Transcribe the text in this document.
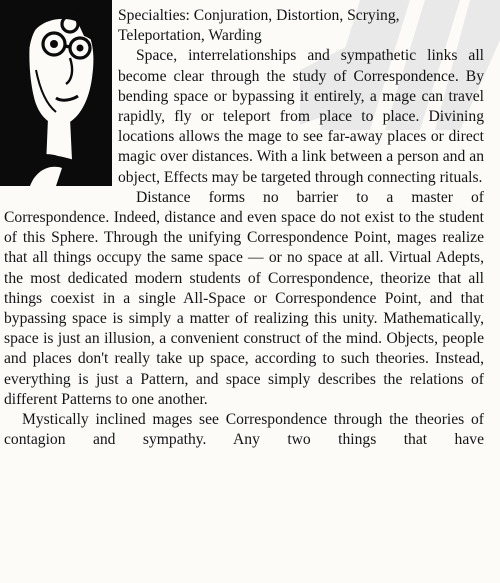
Specialties: Conjuration, Distortion, Scrying, Teleportation, Warding

Space, interrelationships and sympathetic links all become clear through the study of Correspondence. By bending space or bypassing it entirely, a mage can travel rapidly, fly or teleport from place to place. Divining locations allows the mage to see far-away places or direct magic over distances. With a link between a person and an object, Effects may be targeted through connecting rituals.

Distance forms no barrier to a master of Correspondence. Indeed, distance and even space do not exist to the student of this Sphere. Through the unifying Correspondence Point, mages realize that all things occupy the same space — or no space at all. Virtual Adepts, the most dedicated modern students of Correspondence, theorize that all things coexist in a single All-Space or Correspondence Point, and that bypassing space is simply a matter of realizing this unity. Mathematically, space is just an illusion, a convenient construct of the mind. Objects, people and places don't really take up space, according to such theories. Instead, everything is just a Pattern, and space simply describes the relations of different Patterns to one another.

Mystically inclined mages see Correspondence through the theories of contagion and sympathy. Any two things that have
